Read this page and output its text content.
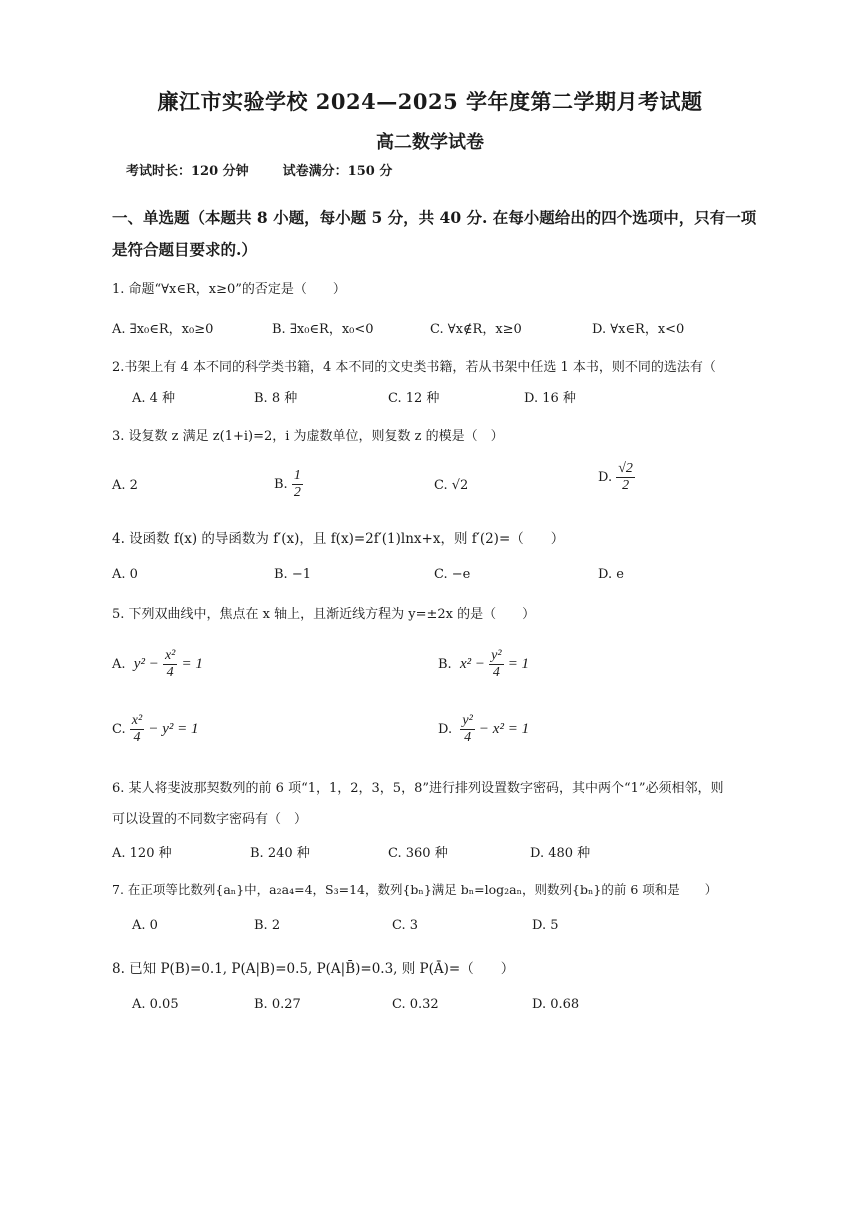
廉江市实验学校 2024—2025 学年度第二学期月考试题
高二数学试卷
考试时长：120 分钟	试卷满分：150 分
一、单选题（本题共 8 小题，每小题 5 分，共 40 分. 在每小题给出的四个选项中，只有一项
是符合题目要求的.）
1. 命题“∀x∈R，x≥0”的否定是（　　）
A. ∃x₀∈R，x₀≥0	B. ∃x₀∈R，x₀<0	C. ∀x∉R，x≥0	D. ∀x∈R，x<0
2.书架上有 4 本不同的科学类书籍，4 本不同的文史类书籍，若从书架中任选 1 本书，则不同的选法有（
A. 4 种	B. 8 种	C. 12 种	D. 16 种
3. 设复数 z 满足 z(1+i)=2，i 为虚数单位，则复数 z 的模是（　）
A. 2	B. $\frac{1}{2}$	C. √2
D. $\frac{√2}{2}$
4. 设函数 f(x) 的导函数为 f′(x)，且 f(x)=2f′(1)lnx+x，则 f′(2)=（　　）
A. 0	B. −1	C. −e	D. e
5. 下列双曲线中，焦点在 x 轴上，且渐近线方程为 y=±2x 的是（　　）
A. $y^2 - \frac{\text{x²}}{4} = 1$	B. $x^2 - \frac{\text{y²}}{4} = 1$
C. $\frac{\text{x²}}{4} - y^2 = 1$	D. $\frac{\text{y²}}{4} - x^2 = 1$
6. 某人将斐波那契数列的前 6 项“1，1，2，3，5，8”进行排列设置数字密码，其中两个“1”必须相邻，则
可以设置的不同数字密码有（　）
A. 120 种	B. 240 种	C. 360 种	D. 480 种
7. 在正项等比数列{aₙ}中，a₂a₄=4，S₃=14，数列{bₙ}满足 bₙ=log₂aₙ，则数列{bₙ}的前 6 项和是　　）
A. 0	B. 2	C. 3	D. 5
8. 已知 P(B)=0.1, P(A|B)=0.5, P(A|B̄)=0.3, 则 P(Ā)=（　　）
A. 0.05	B. 0.27	C. 0.32	D. 0.68
